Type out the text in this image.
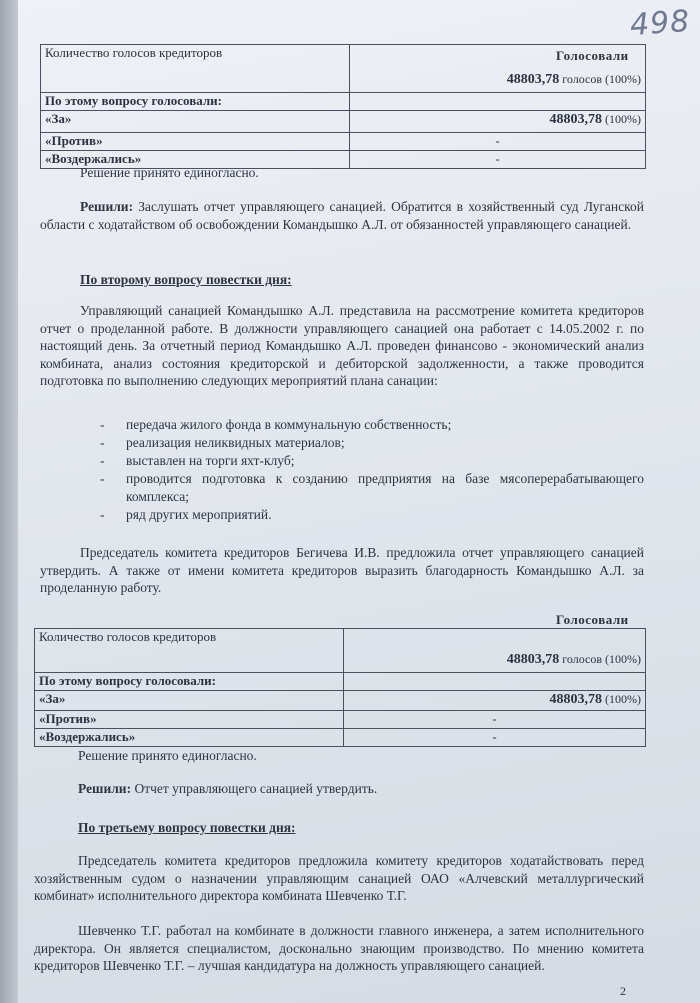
498
Голосовали
Количество голосов кредиторов	48803,78 голосов (100%)
По этому вопросу голосовали:	
«За»	48803,78 (100%)
«Против»	-
«Воздержались»	-
Решение принято единогласно.
Решили: Заслушать отчет управляющего санацией. Обратится в хозяйственный суд Луганской области с ходатайством об освобождении Командышко А.Л. от обязанностей управляющего санацией.
По второму вопросу повестки дня:
Управляющий санацией Командышко А.Л. представила на рассмотрение комитета кредиторов отчет о проделанной работе. В должности управляющего санацией она работает с 14.05.2002 г. по настоящий день. За отчетный период Командышко А.Л. проведен финансово - экономический анализ комбината, анализ состояния кредиторской и дебиторской задолженности, а также проводится подготовка по выполнению следующих мероприятий плана санации:
- передача жилого фонда в коммунальную собственность;
- реализация неликвидных материалов;
- выставлен на торги яхт-клуб;
- проводится подготовка к созданию предприятия на базе мясоперерабатывающего комплекса;
- ряд других мероприятий.
Председатель комитета кредиторов Бегичева И.В. предложила отчет управляющего санацией утвердить. А также от имени комитета кредиторов выразить благодарность Командышко А.Л. за проделанную работу.
Голосовали
Количество голосов кредиторов	48803,78 голосов (100%)
По этому вопросу голосовали:	
«За»	48803,78 (100%)
«Против»	-
«Воздержались»	-
Решение принято единогласно.
Решили: Отчет управляющего санацией утвердить.
По третьему вопросу повестки дня:
Председатель комитета кредиторов предложила комитету кредиторов ходатайствовать перед хозяйственным судом о назначении управляющим санацией ОАО «Алчевский металлургический комбинат» исполнительного директора комбината Шевченко Т.Г.
Шевченко Т.Г. работал на комбинате в должности главного инженера, а затем исполнительного директора. Он является специалистом, досконально знающим производство. По мнению комитета кредиторов Шевченко Т.Г. – лучшая кандидатура на должность управляющего санацией.
2
